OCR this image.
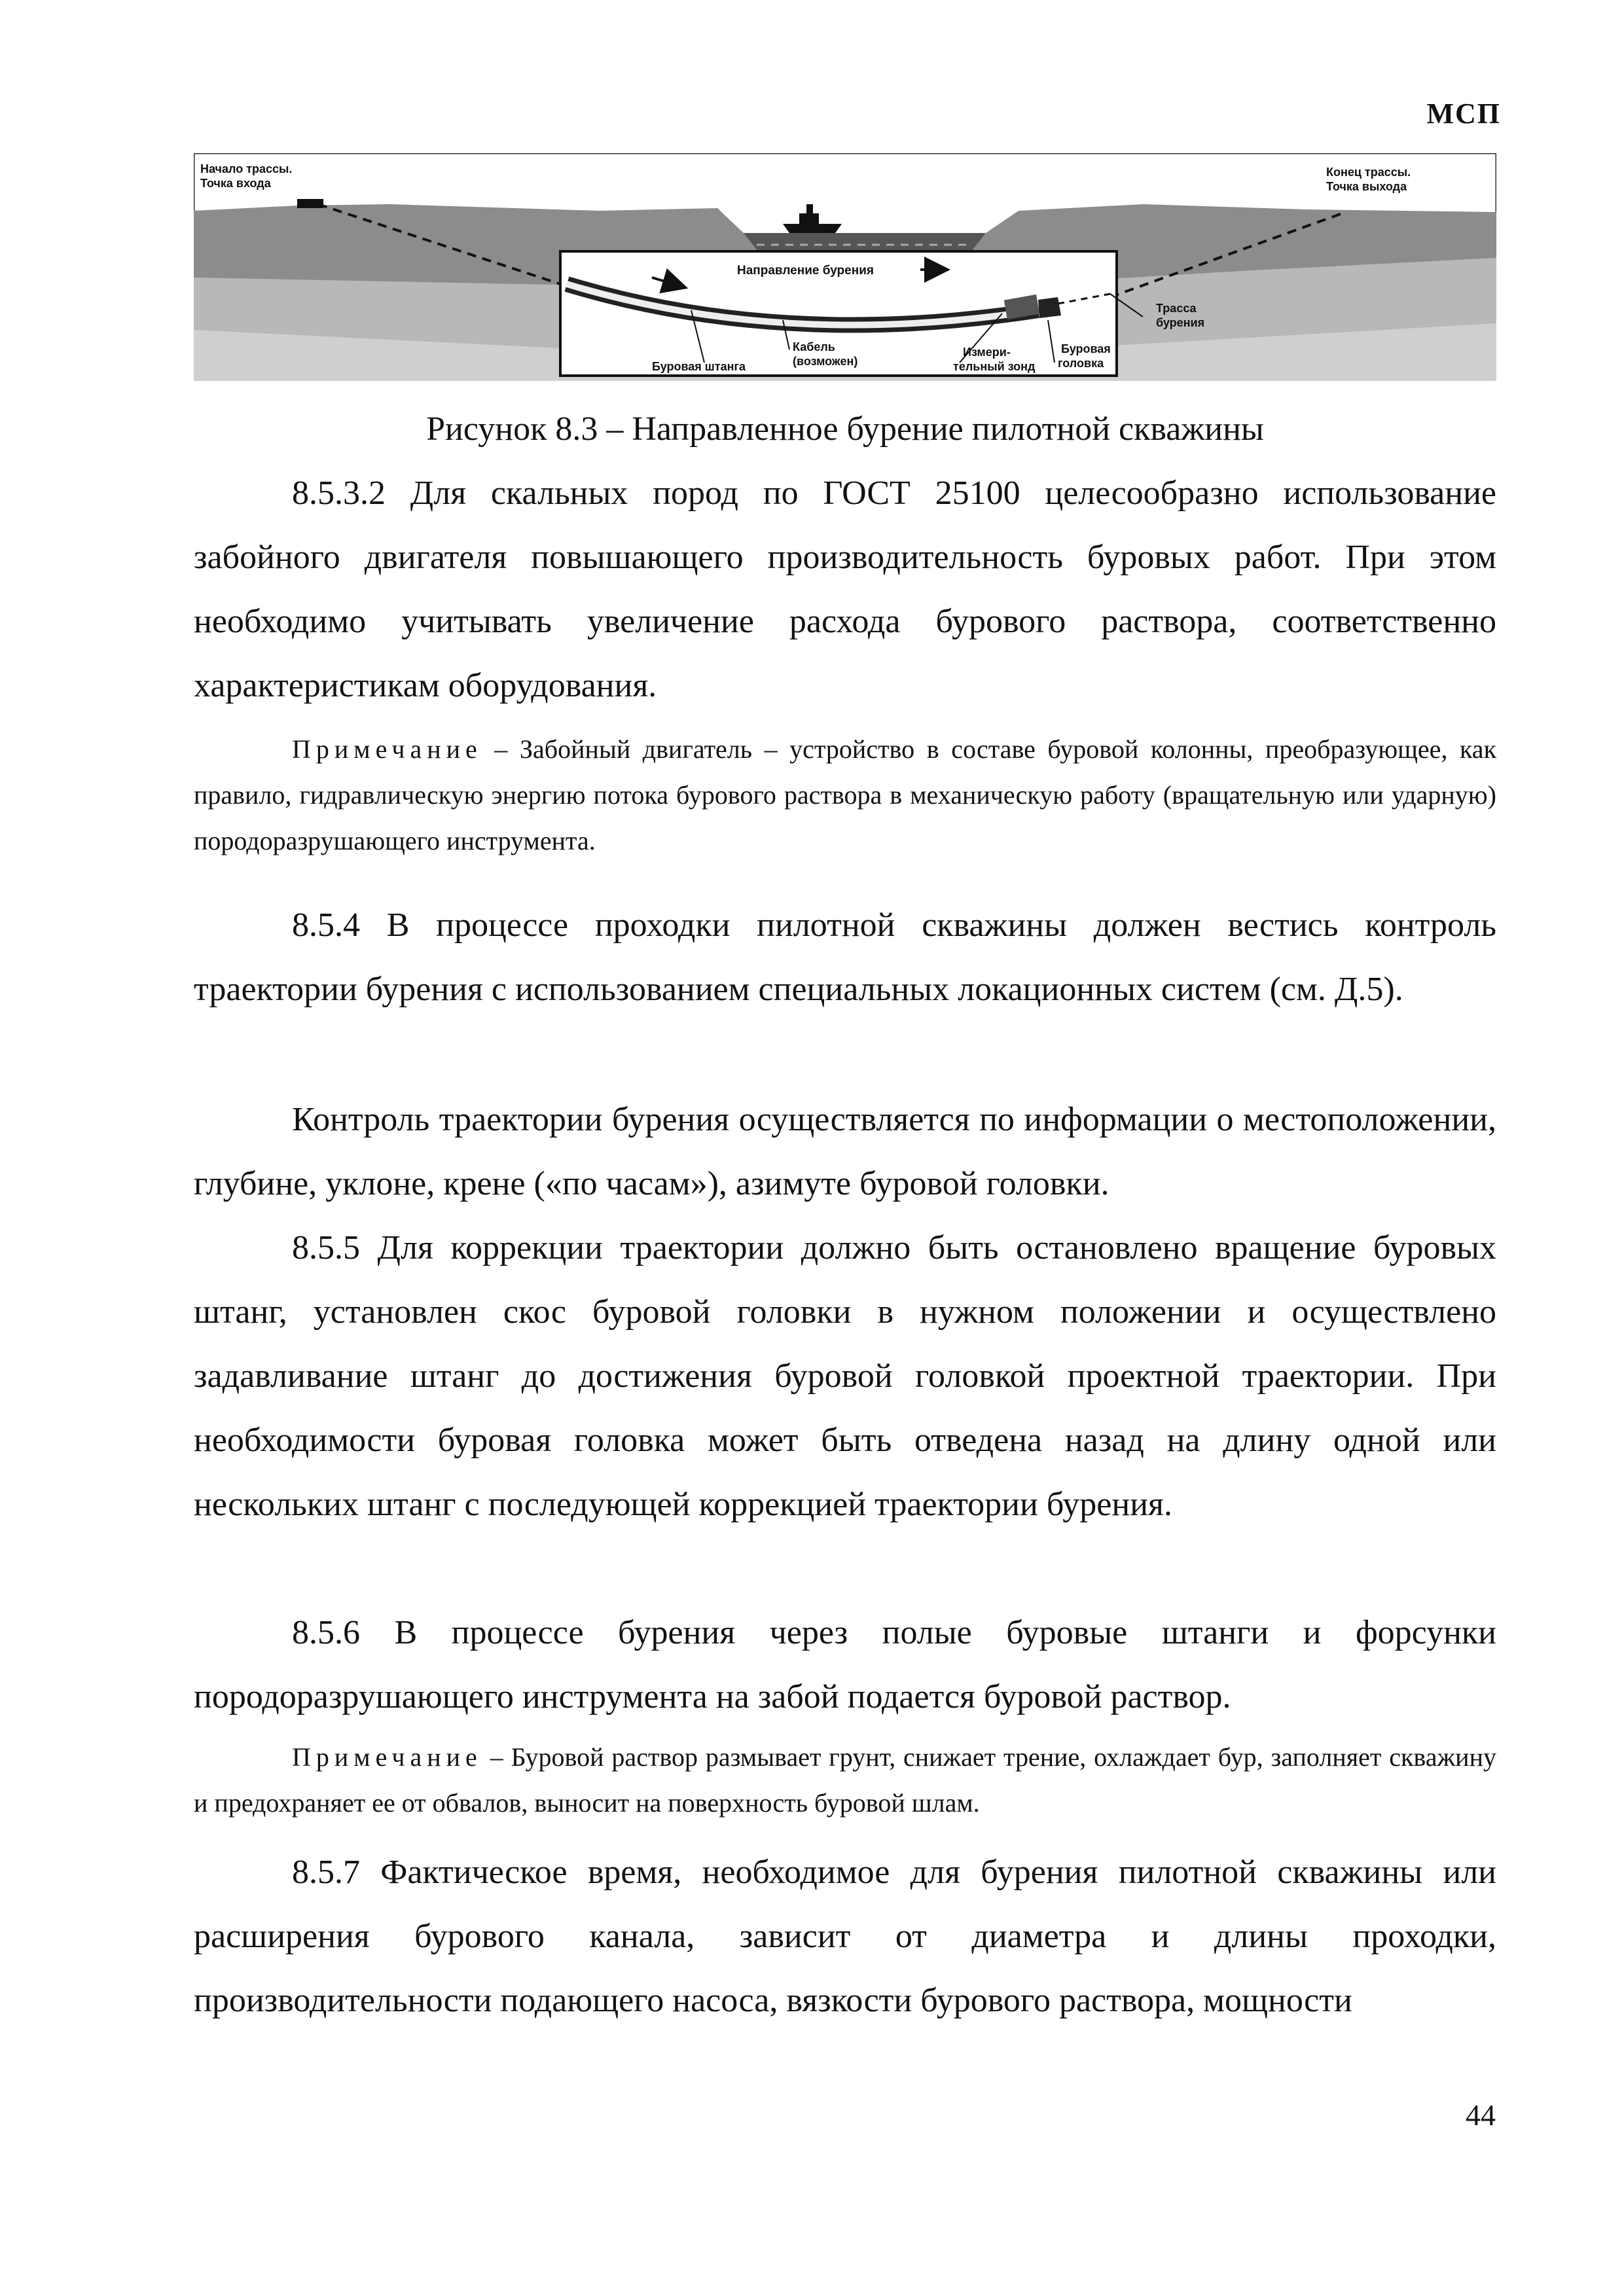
МСП
Начало трассы.
Точка входа
Конец трассы.
Точка выхода
Направление бурения
Трасса
бурения
Буровая штанга
Кабель
(возможен)
Измери-
тельный зонд
Буровая
головка
Рисунок 8.3 – Направленное бурение пилотной скважины

8.5.3.2 Для скальных пород по ГОСТ 25100 целесообразно использование забойного двигателя повышающего производительность буровых работ. При этом необходимо учитывать увеличение расхода бурового раствора, соответственно характеристикам оборудования.

Примечание – Забойный двигатель – устройство в составе буровой колонны, преобразующее, как правило, гидравлическую энергию потока бурового раствора в механическую работу (вращательную или ударную) породоразрушающего инструмента.

8.5.4 В процессе проходки пилотной скважины должен вестись контроль траектории бурения с использованием специальных локационных систем (см. Д.5).

Контроль траектории бурения осуществляется по информации о местоположении, глубине, уклоне, крене («по часам»), азимуте буровой головки.

8.5.5 Для коррекции траектории должно быть остановлено вращение буровых штанг, установлен скос буровой головки в нужном положении и осуществлено задавливание штанг до достижения буровой головкой проектной траектории. При необходимости буровая головка может быть отведена назад на длину одной или нескольких штанг с последующей коррекцией траектории бурения.

8.5.6 В процессе бурения через полые буровые штанги и форсунки породоразрушающего инструмента на забой подается буровой раствор.

Примечание – Буровой раствор размывает грунт, снижает трение, охлаждает бур, заполняет скважину и предохраняет ее от обвалов, выносит на поверхность буровой шлам.

8.5.7 Фактическое время, необходимое для бурения пилотной скважины или расширения бурового канала, зависит от диаметра и длины проходки, производительности подающего насоса, вязкости бурового раствора, мощности

44
